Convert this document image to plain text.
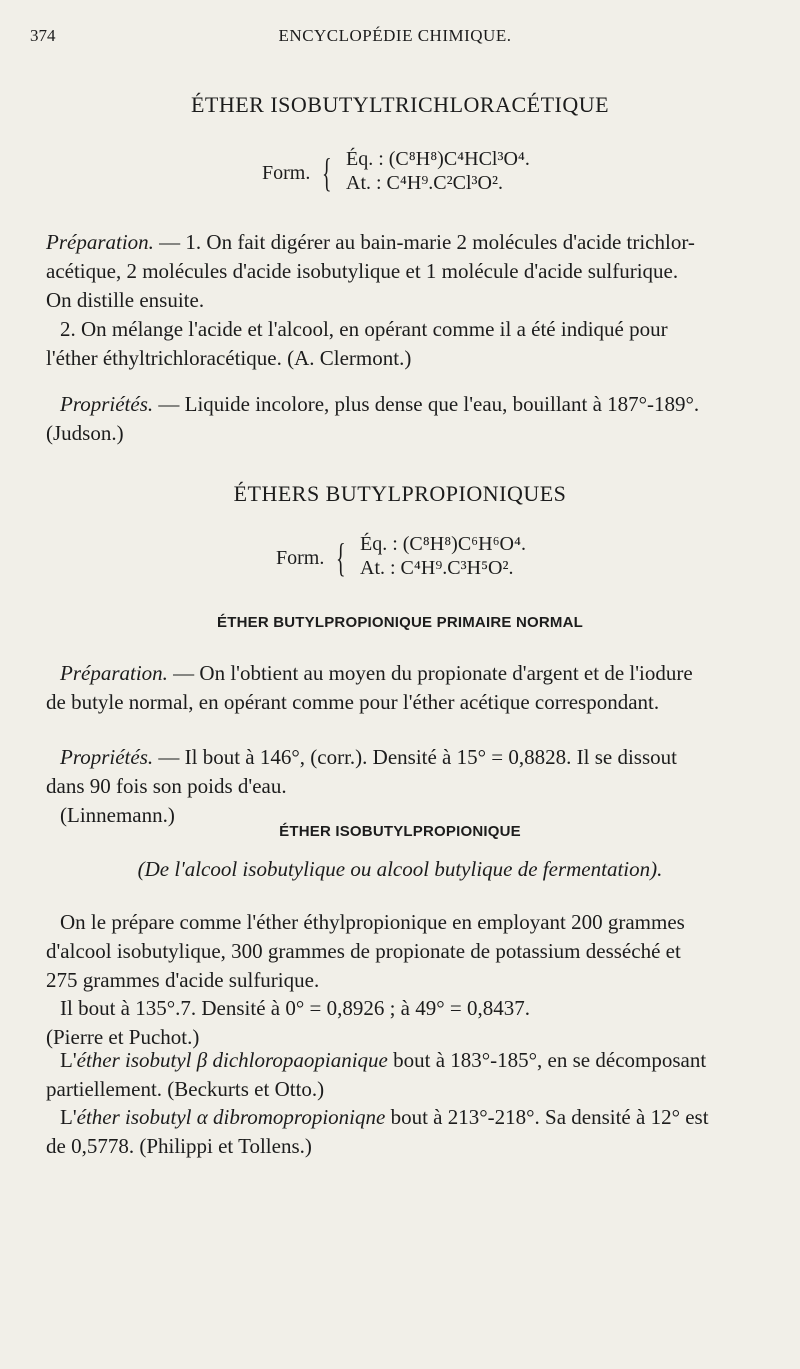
374	ENCYCLOPÉDIE CHIMIQUE.
ÉTHER ISOBUTYLTRICHLORACÉTIQUE
Form. { Éq. : (C⁸H⁸)C⁴HCl³O⁴.
At. : C⁴H⁹.C²Cl³O².
Préparation. — 1. On fait digérer au bain-marie 2 molécules d'acide trichlor-
acétique, 2 molécules d'acide isobutylique et 1 molécule d'acide sulfurique.
On distille ensuite.
2. On mélange l'acide et l'alcool, en opérant comme il a été indiqué pour
l'éther éthyltrichloracétique. (A. Clermont.)
Propriétés. — Liquide incolore, plus dense que l'eau, bouillant à 187°-189°.
(Judson.)
ÉTHERS BUTYLPROPIONIQUES
Form. { Éq. : (C⁸H⁸)C⁶H⁶O⁴.
At. : C⁴H⁹.C³H⁵O².
ÉTHER BUTYLPROPIONIQUE PRIMAIRE NORMAL
Préparation. — On l'obtient au moyen du propionate d'argent et de l'iodure
de butyle normal, en opérant comme pour l'éther acétique correspondant.
Propriétés. — Il bout à 146°, (corr.). Densité à 15° = 0,8828. Il se dissout
dans 90 fois son poids d'eau.
(Linnemann.)
ÉTHER ISOBUTYLPROPIONIQUE
(De l'alcool isobutylique ou alcool butylique de fermentation).
On le prépare comme l'éther éthylpropionique en employant 200 grammes
d'alcool isobutylique, 300 grammes de propionate de potassium desséché et
275 grammes d'acide sulfurique.
Il bout à 135°.7. Densité à 0° = 0,8926 ; à 49° = 0,8437.
(Pierre et Puchot.)
L'éther isobutyl β dichloropaopianique bout à 183°-185°, en se décomposant
partiellement. (Beckurts et Otto.)
L'éther isobutyl α dibromopropioniqne bout à 213°-218°. Sa densité à 12° est
de 0,5778. (Philippi et Tollens.)
